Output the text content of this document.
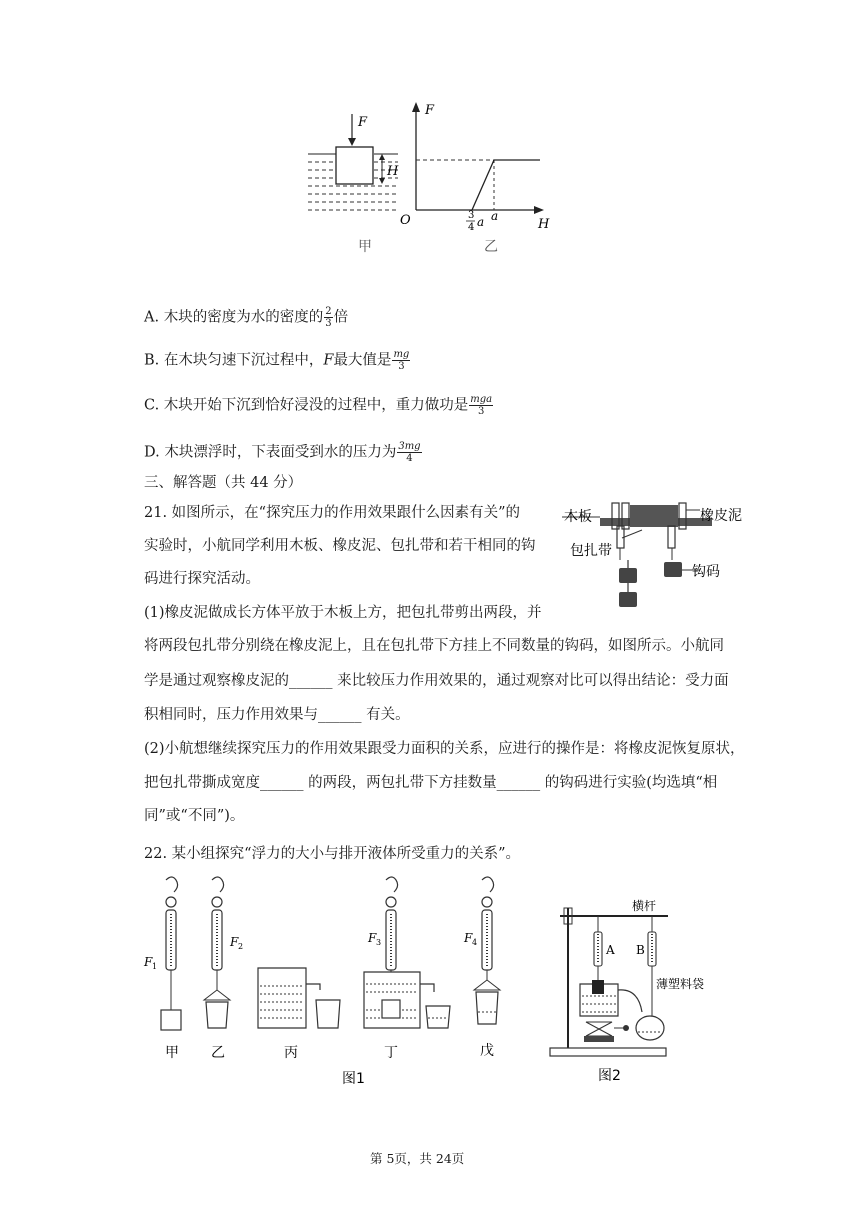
F
H
甲
F
O	H
3
4 a a
乙
A. 木块的密度为水的密度的 $\frac{2}{3}$ 倍
B. 在木块匀速下沉过程中，F最大值是 $\frac{mg}{3}$
C. 木块开始下沉到恰好浸没的过程中，重力做功是 $\frac{\text{mga}}{3}$
D. 木块漂浮时，下表面受到水的压力为 $\frac{3mg}{4}$
三、解答题（共 44 分）
21. 如图所示，在“探究压力的作用效果跟什么因素有关”的
实验时，小航同学利用木板、橡皮泥、包扎带和若干相同的钩
码进行探究活动。
(1)橡皮泥做成长方体平放于木板上方，把包扎带剪出两段，并
将两段包扎带分别绕在橡皮泥上，且在包扎带下方挂上不同数量的钩码，如图所示。小航同
学是通过观察橡皮泥的______ 来比较压力作用效果的，通过观察对比可以得出结论：受力面
积相同时，压力作用效果与______ 有关。
(2)小航想继续探究压力的作用效果跟受力面积的关系，应进行的操作是：将橡皮泥恢复原状，
把包扎带撕成宽度______ 的两段，两包扎带下方挂数量______ 的钩码进行实验(均选填“相
同”或“不同”)。
木板	橡皮泥
包扎带
钩码
22. 某小组探究“浮力的大小与排开液体所受重力的关系”。
F 1
甲
F 2
乙	丙
F 3
丁
F 4
戊
图1
横杆
A B
薄塑料袋
图2
第 5页，共 24页
